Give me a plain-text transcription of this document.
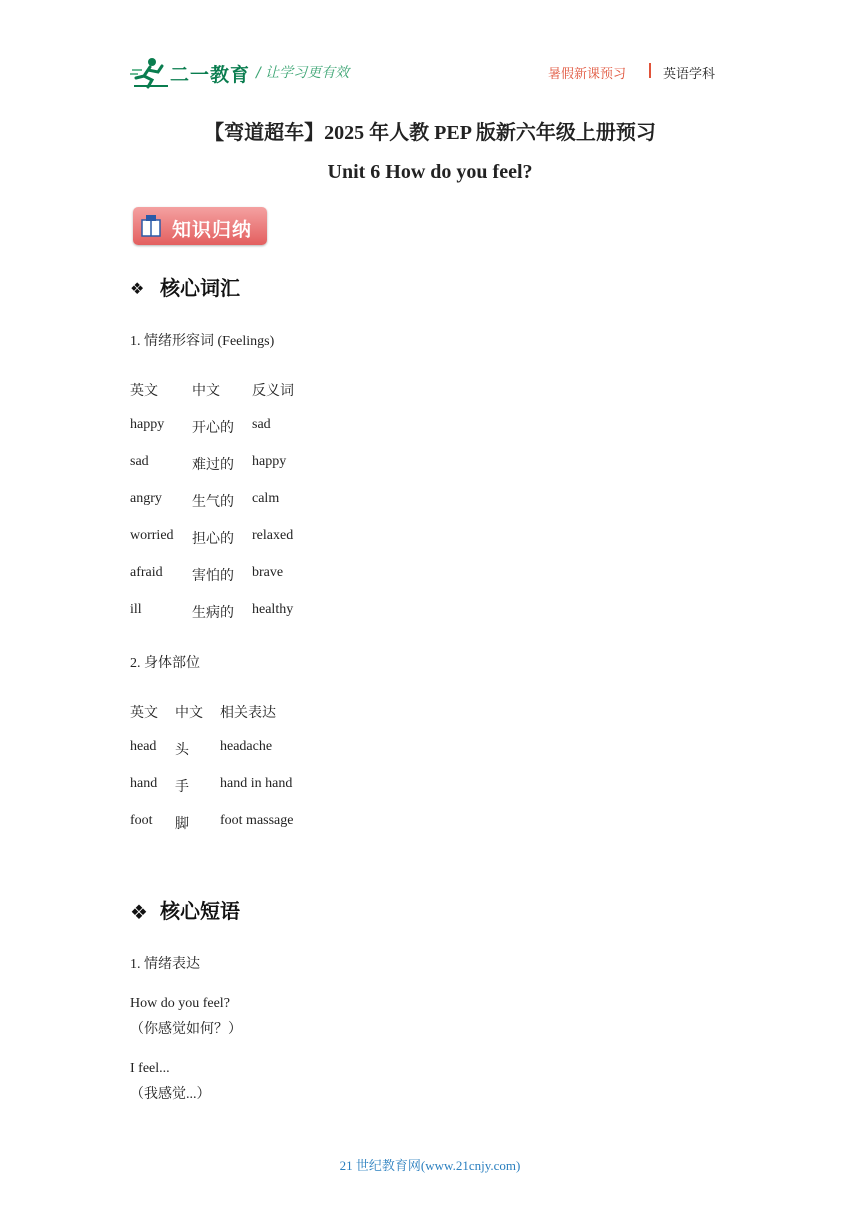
二一教育 / 让学习更有效	暑假新课预习	英语学科
【弯道超车】2025 年人教 PEP 版新六年级上册预习
Unit 6 How do you feel?
知识归纳
❖ 核心词汇
1. 情绪形容词 (Feelings)
英文 中文 反义词
happy 开心的 sad
sad	难过的 happy
angry 生气的 calm
worried 担心的 relaxed
afraid 害怕的 brave
ill	生病的 healthy
2. 身体部位
英文 中文 相关表达
head 头 headache
hand 手 hand in hand
foot 脚 foot massage
❖ 核心短语
1. 情绪表达
How do you feel?
（你感觉如何？）
I feel...
（我感觉...）
21 世纪教育网(www.21cnjy.com)
